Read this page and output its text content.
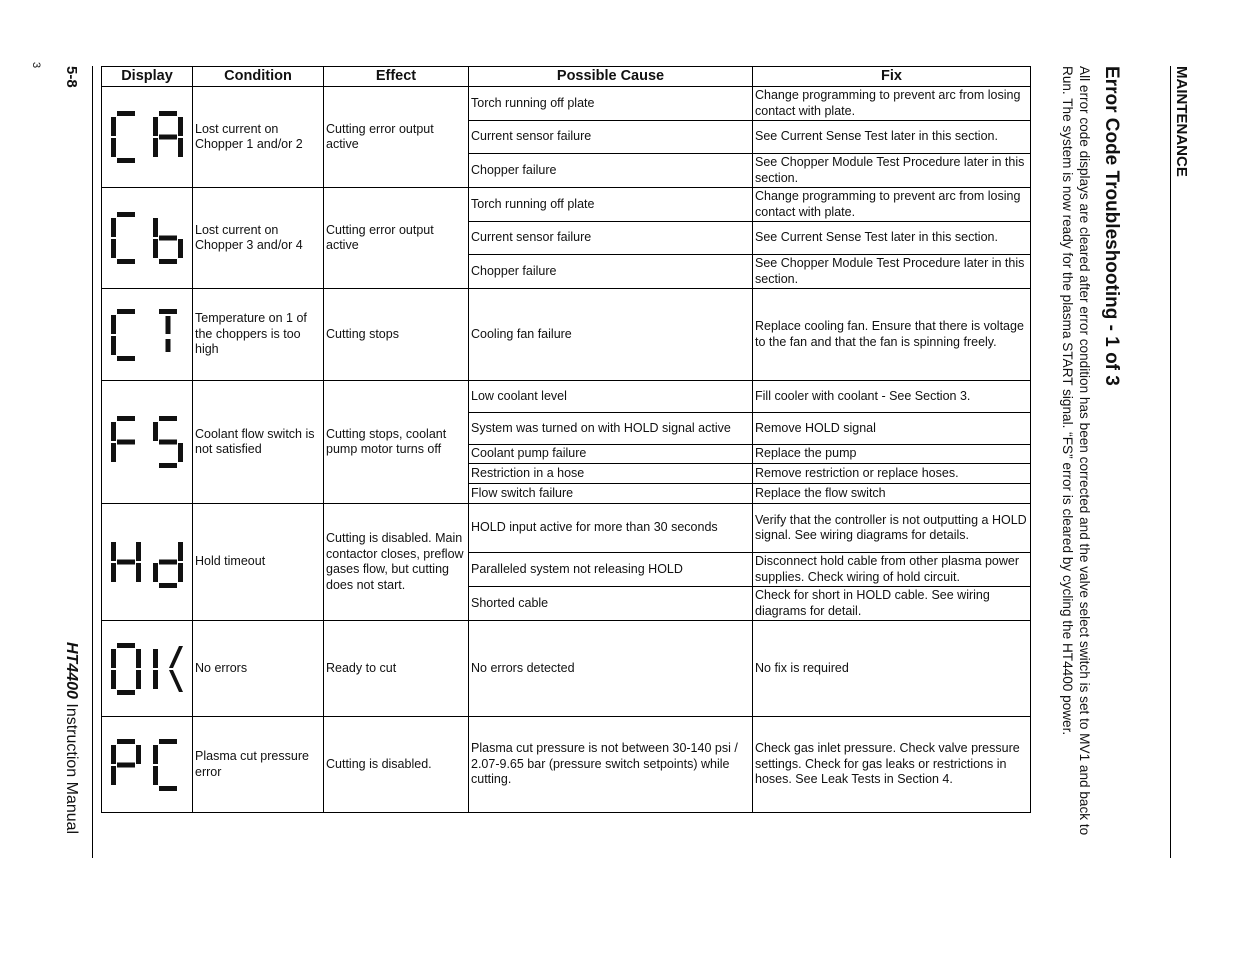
3
5-8
HT4400 Instruction Manual
MAINTENANCE
Error Code Troubleshooting - 1 of 3
All error code displays are cleared after error condition has been corrected and the valve select switch is set to MV1 and back to Run. The system is now ready for the plasma START signal. “FS” error is cleared by cycling the HT4400 power.
Display	Condition	Effect	Possible Cause	Fix

	Lost current on Chopper 1 and/or 2	Cutting error output active	Torch running off plate	Change programming to prevent arc from losing contact with plate.
			Current sensor failure	See Current Sense Test later in this section.
			Chopper failure	See Chopper Module Test Procedure later in this section.

	Lost current on Chopper 3 and/or 4	Cutting error output active	Torch running off plate	Change programming to prevent arc from losing contact with plate.
			Current sensor failure	See Current Sense Test later in this section.
			Chopper failure	See Chopper Module Test Procedure later in this section.

	Temperature on 1 of the choppers is too high	Cutting stops	Cooling fan failure	Replace cooling fan. Ensure that there is voltage to the fan and that the fan is spinning freely.

	Coolant flow switch is not satisfied	Cutting stops, coolant pump motor turns off	Low coolant level	Fill cooler with coolant - See Section 3.
			System was turned on with HOLD signal active	Remove HOLD signal
			Coolant pump failure	Replace the pump
			Restriction in a hose	Remove restriction or replace hoses.
			Flow switch failure	Replace the flow switch

	Hold timeout	Cutting is disabled. Main contactor closes, preflow gases flow, but cutting does not start.	HOLD input active for more than 30 seconds	Verify that the controller is not outputting a HOLD signal. See wiring diagrams for details.
			Paralleled system not releasing HOLD	Disconnect hold cable from other plasma power supplies. Check wiring of hold circuit.
			Shorted cable	Check for short in HOLD cable. See wiring diagrams for detail.

	No errors	Ready to cut	No errors detected	No fix is required

	Plasma cut pressure error	Cutting is disabled.	Plasma cut pressure is not between 30-140 psi / 2.07-9.65 bar (pressure switch setpoints) while cutting.	Check gas inlet pressure. Check valve pressure settings. Check for gas leaks or restrictions in hoses. See Leak Tests in Section 4.
